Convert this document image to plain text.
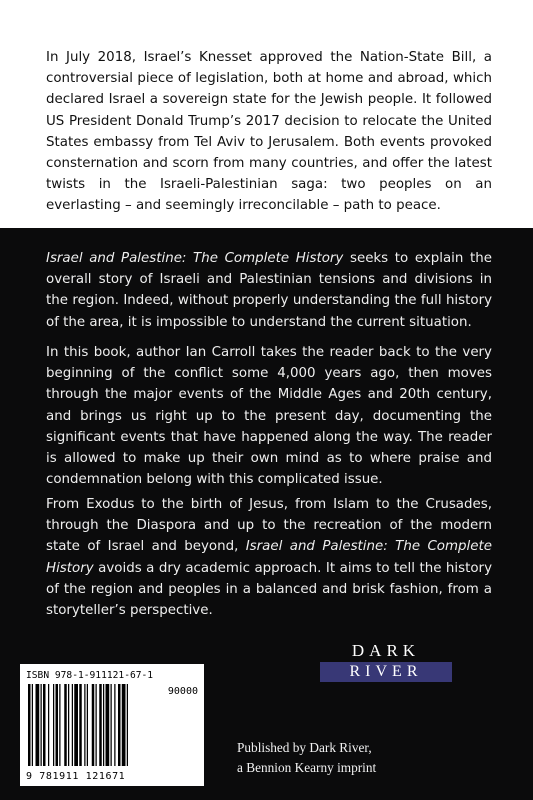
In July 2018, Israel’s Knesset approved the Nation-State Bill, a controversial piece of legislation, both at home and abroad, which declared Israel a sovereign state for the Jewish people. It followed US President Donald Trump’s 2017 decision to relocate the United States embassy from Tel Aviv to Jerusalem. Both events provoked consternation and scorn from many countries, and offer the latest twists in the Israeli-Palestinian saga: two peoples on an everlasting – and seemingly irreconcilable – path to peace.

Israel and Palestine: The Complete History seeks to explain the overall story of Israeli and Palestinian tensions and divisions in the region. Indeed, without properly understanding the full history of the area, it is impossible to understand the current situation.

In this book, author Ian Carroll takes the reader back to the very beginning of the conflict some 4,000 years ago, then moves through the major events of the Middle Ages and 20th century, and brings us right up to the present day, documenting the significant events that have happened along the way. The reader is allowed to make up their own mind as to where praise and condemnation belong with this complicated issue.

From Exodus to the birth of Jesus, from Islam to the Crusades, through the Diaspora and up to the recreation of the modern state of Israel and beyond, Israel and Palestine: The Complete History avoids a dry academic approach. It aims to tell the history of the region and peoples in a balanced and brisk fashion, from a storyteller’s perspective.

DARK
RIVER
ISBN 978-1-911121-67-1
90000
9 781911 121671

Published by Dark River,
a Bennion Kearny imprint
